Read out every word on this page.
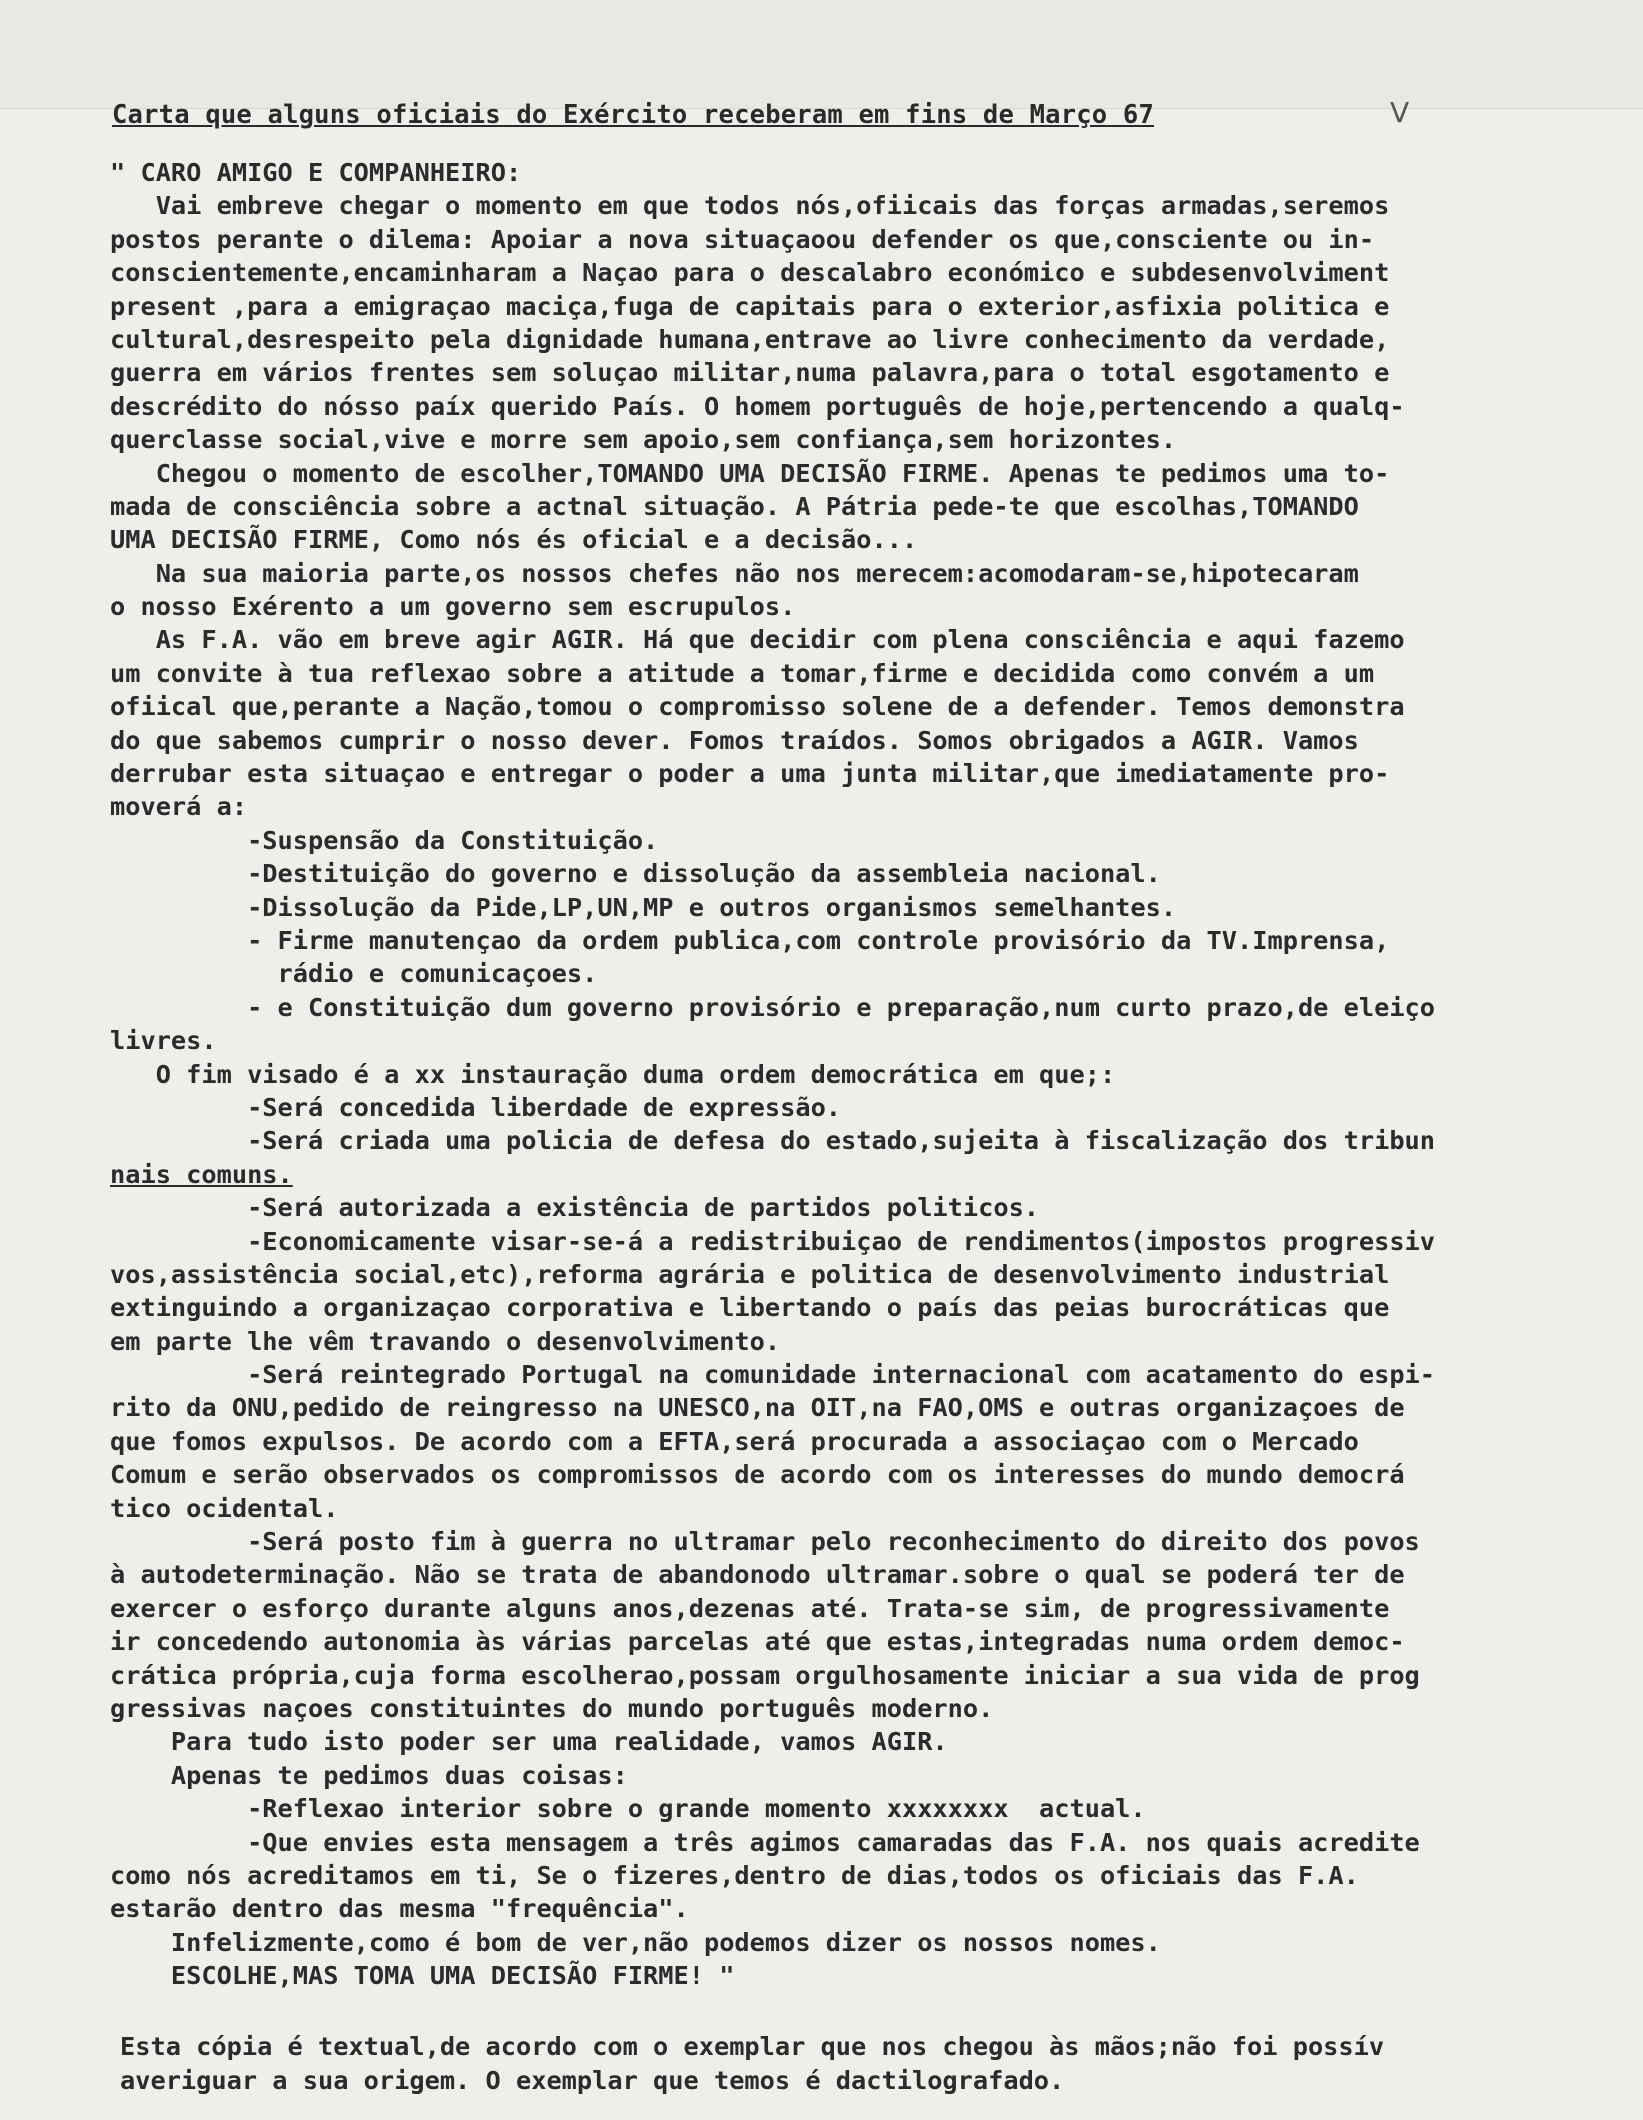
Carta que alguns oficiais do Exército receberam em fins de Março 67	V
" CARO AMIGO E COMPANHEIRO:
Vai embreve chegar o momento em que todos nós,ofiicais das forças armadas,seremos
postos perante o dilema: Apoiar a nova situaçaoou defender os que,consciente ou in-
conscientemente,encaminharam a Naçao para o descalabro económico e subdesenvolviment
present ,para a emigraçao maciça,fuga de capitais para o exterior,asfixia politica e
cultural,desrespeito pela dignidade humana,entrave ao livre conhecimento da verdade,
guerra em vários frentes sem soluçao militar,numa palavra,para o total esgotamento e
descrédito do nósso paíx querido País. O homem português de hoje,pertencendo a qualq-
querclasse social,vive e morre sem apoio,sem confiança,sem horizontes.
Chegou o momento de escolher,TOMANDO UMA DECISÃO FIRME. Apenas te pedimos uma to-
mada de consciência sobre a actnal situação. A Pátria pede-te que escolhas,TOMANDO
UMA DECISÃO FIRME, Como nós és oficial e a decisão...
Na sua maioria parte,os nossos chefes não nos merecem:acomodaram-se,hipotecaram
o nosso Exérento a um governo sem escrupulos.
As F.A. vão em breve agir AGIR. Há que decidir com plena consciência e aqui fazemo
um convite à tua reflexao sobre a atitude a tomar,firme e decidida como convém a um
ofiical que,perante a Nação,tomou o compromisso solene de a defender. Temos demonstra
do que sabemos cumprir o nosso dever. Fomos traídos. Somos obrigados a AGIR. Vamos
derrubar esta situaçao e entregar o poder a uma junta militar,que imediatamente pro-
moverá a:
-Suspensão da Constituição.
-Destituição do governo e dissolução da assembleia nacional.
-Dissolução da Pide,LP,UN,MP e outros organismos semelhantes.
- Firme manutençao da ordem publica,com controle provisório da TV.Imprensa,
rádio e comunicaçoes.
- e Constituição dum governo provisório e preparação,num curto prazo,de eleiço
livres.
O fim visado é a xx instauração duma ordem democrática em que;:
-Será concedida liberdade de expressão.
-Será criada uma policia de defesa do estado,sujeita à fiscalização dos tribun
nais comuns.
-Será autorizada a existência de partidos politicos.
-Economicamente visar-se-á a redistribuiçao de rendimentos(impostos progressiv
vos,assistência social,etc),reforma agrária e politica de desenvolvimento industrial
extinguindo a organizaçao corporativa e libertando o país das peias burocráticas que
em parte lhe vêm travando o desenvolvimento.
-Será reintegrado Portugal na comunidade internacional com acatamento do espi-
rito da ONU,pedido de reingresso na UNESCO,na OIT,na FAO,OMS e outras organizaçoes de
que fomos expulsos. De acordo com a EFTA,será procurada a associaçao com o Mercado
Comum e serão observados os compromissos de acordo com os interesses do mundo democrá
tico ocidental.
-Será posto fim à guerra no ultramar pelo reconhecimento do direito dos povos
à autodeterminação. Não se trata de abandonodo ultramar.sobre o qual se poderá ter de
exercer o esforço durante alguns anos,dezenas até. Trata-se sim, de progressivamente
ir concedendo autonomia às várias parcelas até que estas,integradas numa ordem democ-
crática própria,cuja forma escolherao,possam orgulhosamente iniciar a sua vida de prog
gressivas naçoes constituintes do mundo português moderno.
Para tudo isto poder ser uma realidade, vamos AGIR.
Apenas te pedimos duas coisas:
-Reflexao interior sobre o grande momento xxxxxxxx  actual.
-Que envies esta mensagem a três agimos camaradas das F.A. nos quais acredite
como nós acreditamos em ti, Se o fizeres,dentro de dias,todos os oficiais das F.A.
estarão dentro das mesma "frequência".
Infelizmente,como é bom de ver,não podemos dizer os nossos nomes.
ESCOLHE,MAS TOMA UMA DECISÃO FIRME! "
Esta cópia é textual,de acordo com o exemplar que nos chegou às mãos;não foi possív
averiguar a sua origem. O exemplar que temos é dactilografado.
